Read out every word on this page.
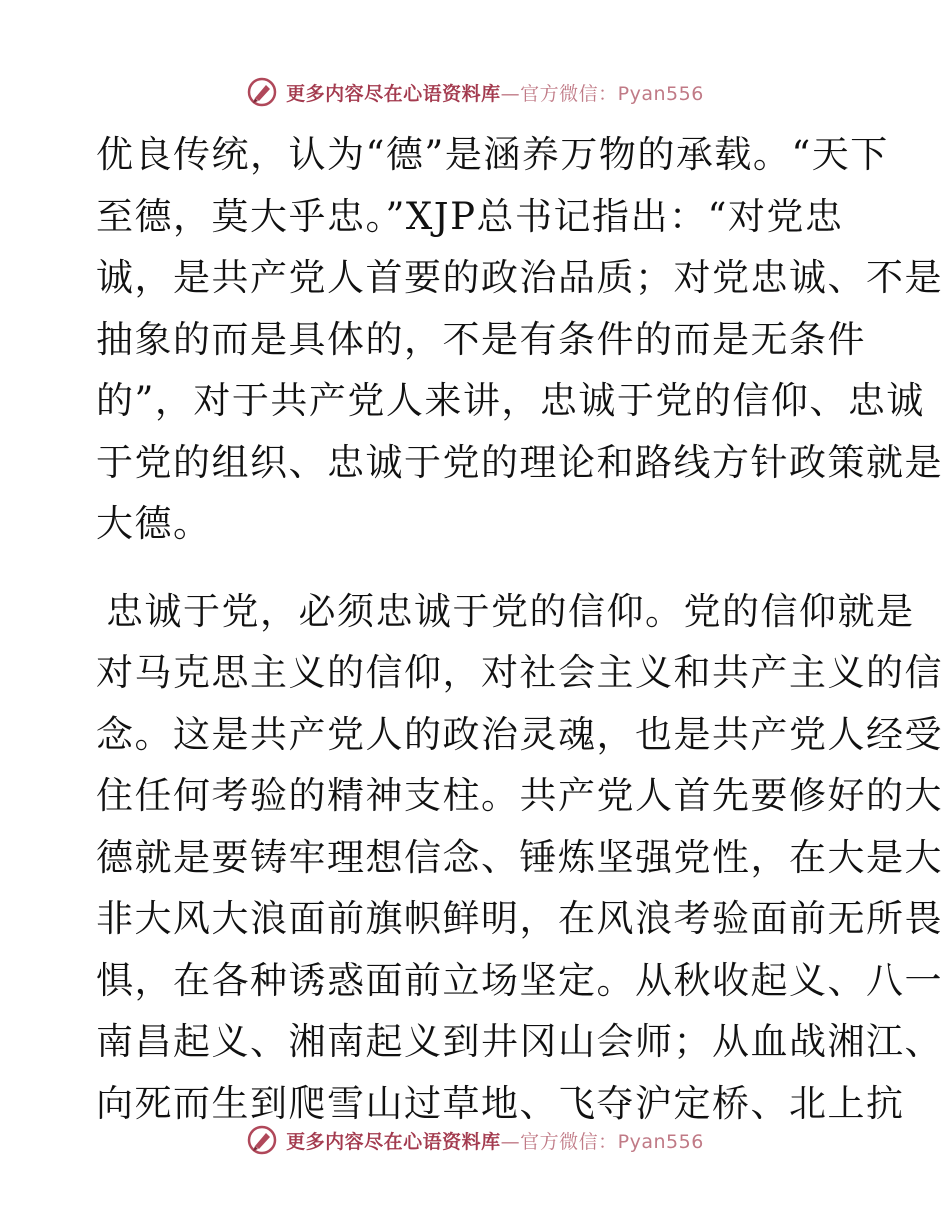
更多内容尽在心语资料库—官方微信：Pyan556
优良传统，认为“德”是涵养万物的承载。“天下
至德，莫大乎忠。”XJP总书记指出：“对党忠
诚，是共产党人首要的政治品质；对党忠诚、不是
抽象的而是具体的，不是有条件的而是无条件
的”，对于共产党人来讲，忠诚于党的信仰、忠诚
于党的组织、忠诚于党的理论和路线方针政策就是
大德。
忠诚于党，必须忠诚于党的信仰。党的信仰就是
对马克思主义的信仰，对社会主义和共产主义的信
念。这是共产党人的政治灵魂，也是共产党人经受
住任何考验的精神支柱。共产党人首先要修好的大
德就是要铸牢理想信念、锤炼坚强党性，在大是大
非大风大浪面前旗帜鲜明，在风浪考验面前无所畏
惧，在各种诱惑面前立场坚定。从秋收起义、八一
南昌起义、湘南起义到井冈山会师；从血战湘江、
向死而生到爬雪山过草地、飞夺沪定桥、北上抗
更多内容尽在心语资料库—官方微信：Pyan556
